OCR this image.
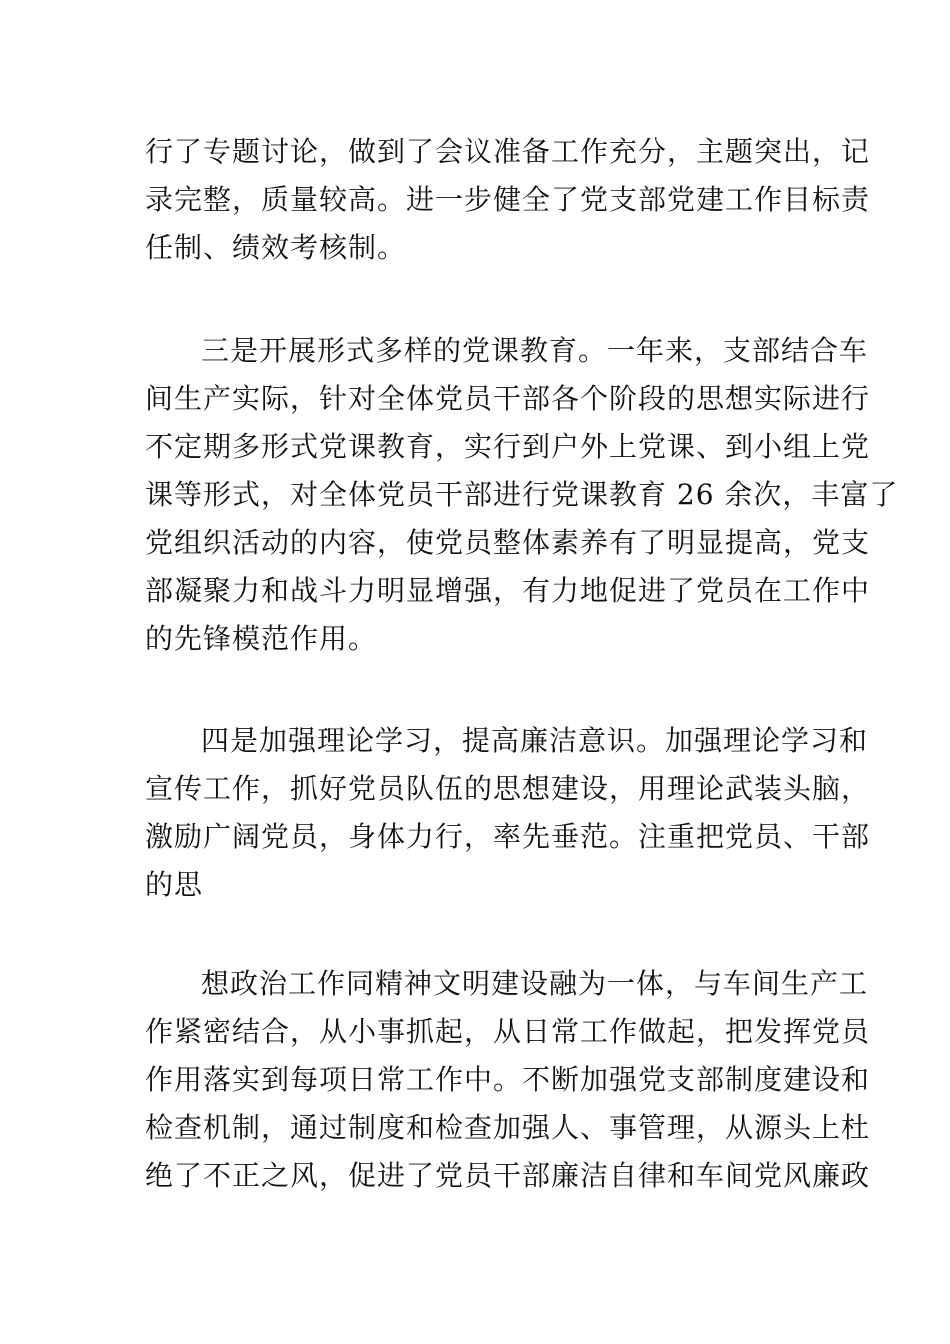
行了专题讨论，做到了会议准备工作充分，主题突出，记
录完整，质量较高。进一步健全了党支部党建工作目标责
任制、绩效考核制。

三是开展形式多样的党课教育。一年来，支部结合车
间生产实际，针对全体党员干部各个阶段的思想实际进行
不定期多形式党课教育，实行到户外上党课、到小组上党
课等形式，对全体党员干部进行党课教育 26 余次，丰富了
党组织活动的内容，使党员整体素养有了明显提高，党支
部凝聚力和战斗力明显增强，有力地促进了党员在工作中
的先锋模范作用。

四是加强理论学习，提高廉洁意识。加强理论学习和
宣传工作，抓好党员队伍的思想建设，用理论武装头脑，
激励广阔党员，身体力行，率先垂范。注重把党员、干部
的思

想政治工作同精神文明建设融为一体，与车间生产工
作紧密结合，从小事抓起，从日常工作做起，把发挥党员
作用落实到每项日常工作中。不断加强党支部制度建设和
检查机制，通过制度和检查加强人、事管理，从源头上杜
绝了不正之风，促进了党员干部廉洁自律和车间党风廉政
